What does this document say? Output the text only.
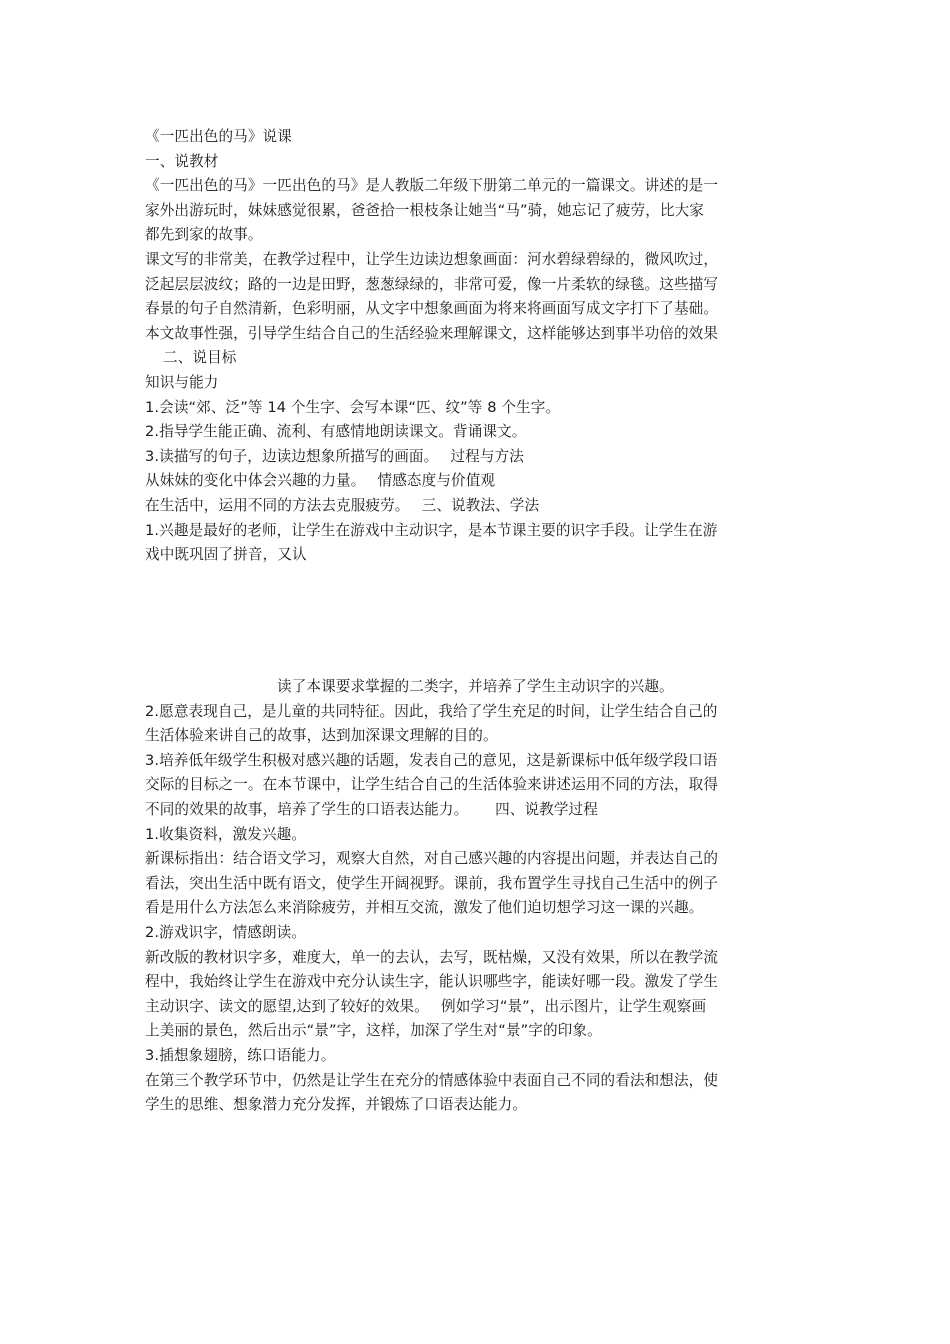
《一匹出色的马》说课
一、说教材
《一匹出色的马》一匹出色的马》是人教版二年级下册第二单元的一篇课文。讲述的是一
家外出游玩时，妹妹感觉很累，爸爸拾一根枝条让她当“马”骑，她忘记了疲劳，比大家
都先到家的故事。
课文写的非常美，在教学过程中，让学生边读边想象画面：河水碧绿碧绿的，微风吹过，
泛起层层波纹；路的一边是田野，葱葱绿绿的，非常可爱，像一片柔软的绿毯。这些描写
春景的句子自然清新，色彩明丽，从文字中想象画面为将来将画面写成文字打下了基础。
本文故事性强，引导学生结合自己的生活经验来理解课文，这样能够达到事半功倍的效果
二、说目标
知识与能力
1.会读“郊、泛”等 14 个生字、会写本课“匹、纹”等 8 个生字。
2.指导学生能正确、流利、有感情地朗读课文。背诵课文。
3.读描写的句子，边读边想象所描写的画面。　 过程与方法
从妹妹的变化中体会兴趣的力量。　 情感态度与价值观
在生活中，运用不同的方法去克服疲劳。　 三、说教法、学法
1.兴趣是最好的老师，让学生在游戏中主动识字，是本节课主要的识字手段。让学生在游
戏中既巩固了拼音，又认
读了本课要求掌握的二类字，并培养了学生主动识字的兴趣。
2.愿意表现自己，是儿童的共同特征。因此，我给了学生充足的时间，让学生结合自己的
生活体验来讲自己的故事，达到加深课文理解的目的。
3.培养低年级学生积极对感兴趣的话题，发表自己的意见，这是新课标中低年级学段口语
交际的目标之一。在本节课中，让学生结合自己的生活体验来讲述运用不同的方法，取得
不同的效果的故事，培养了学生的口语表达能力。　　 四、说教学过程
1.收集资料，激发兴趣。
新课标指出：结合语文学习，观察大自然，对自己感兴趣的内容提出问题，并表达自己的
看法，突出生活中既有语文，使学生开阔视野。课前，我布置学生寻找自己生活中的例子
看是用什么方法怎么来消除疲劳，并相互交流，激发了他们迫切想学习这一课的兴趣。
2.游戏识字，情感朗读。
新改版的教材识字多，难度大，单一的去认，去写，既枯燥，又没有效果，所以在教学流
程中，我始终让学生在游戏中充分认读生字，能认识哪些字，能读好哪一段。激发了学生
主动识字、读文的愿望,达到了较好的效果。　 例如学习“景”，出示图片，让学生观察画
上美丽的景色，然后出示“景”字，这样，加深了学生对“景”字的印象。
3.插想象翅膀，练口语能力。
在第三个教学环节中，仍然是让学生在充分的情感体验中表面自己不同的看法和想法，使
学生的思维、想象潜力充分发挥，并锻炼了口语表达能力。
